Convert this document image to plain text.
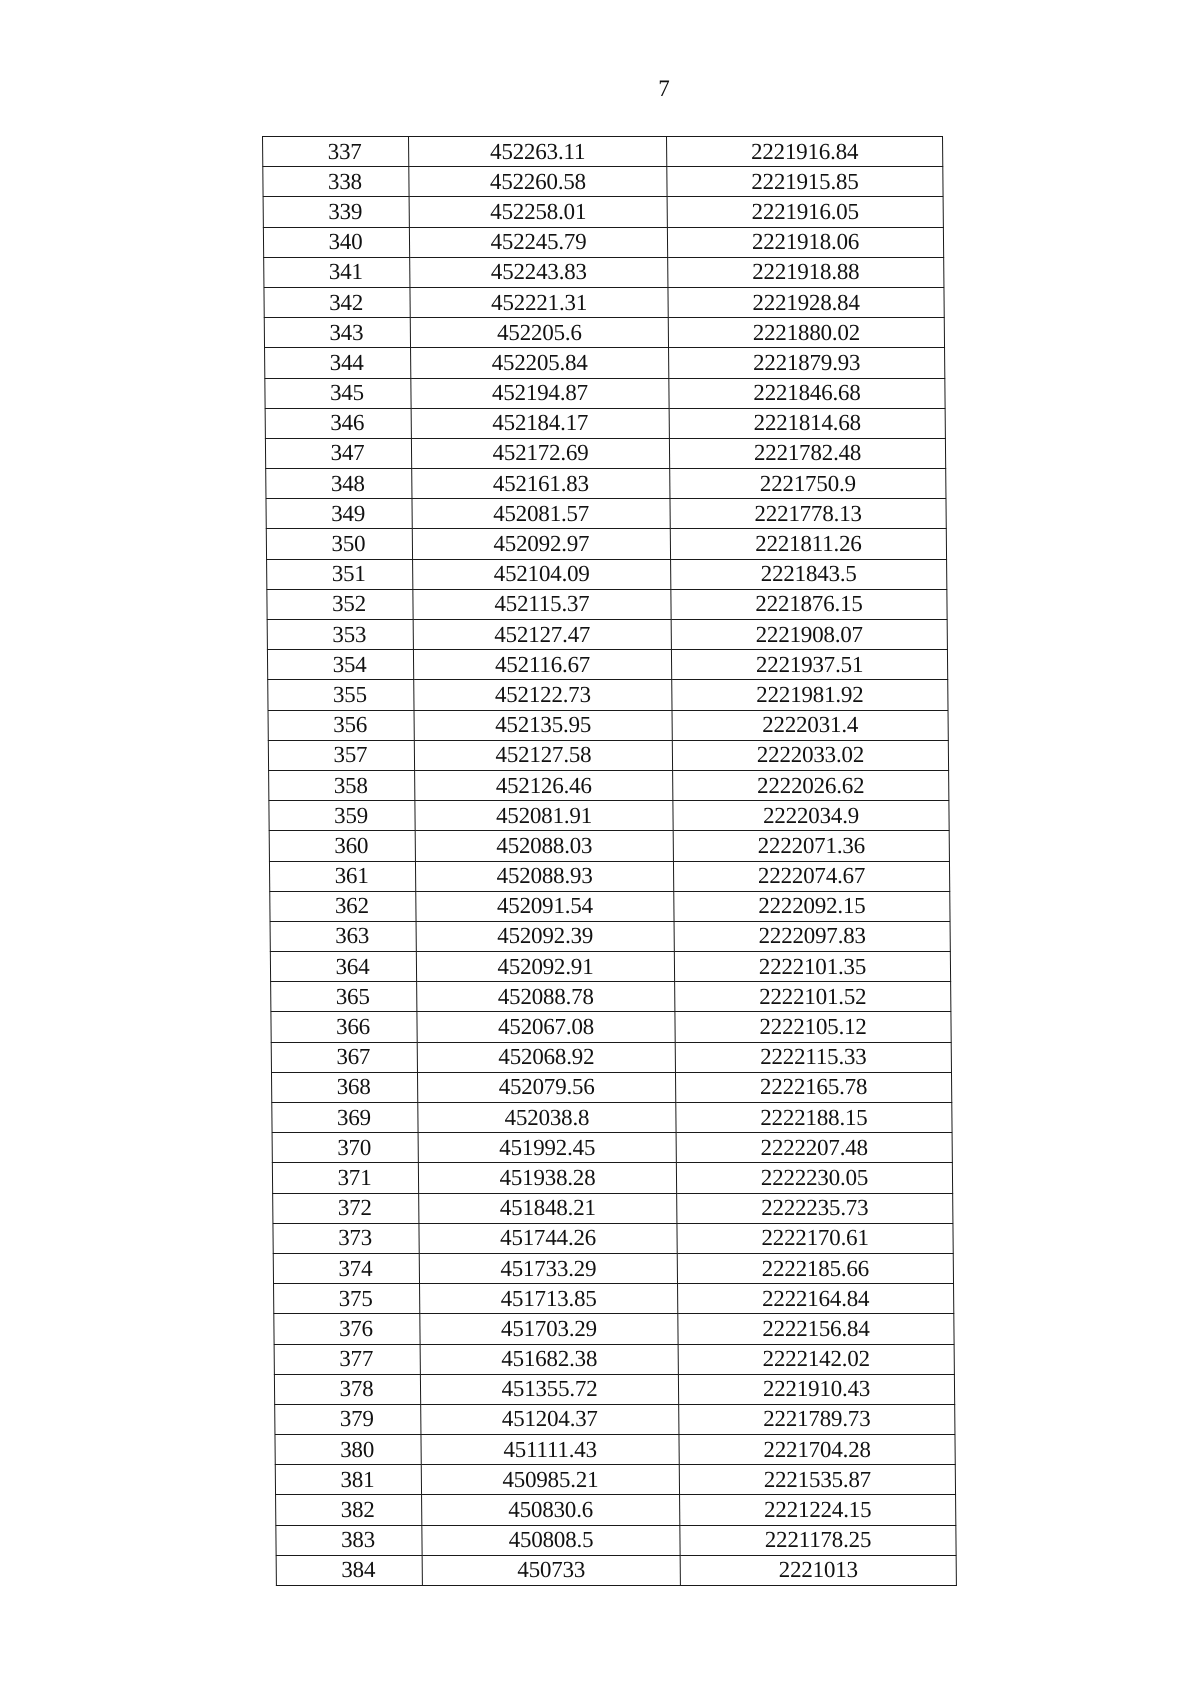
7
337	452263.11	2221916.84
338	452260.58	2221915.85
339	452258.01	2221916.05
340	452245.79	2221918.06
341	452243.83	2221918.88
342	452221.31	2221928.84
343	452205.6	2221880.02
344	452205.84	2221879.93
345	452194.87	2221846.68
346	452184.17	2221814.68
347	452172.69	2221782.48
348	452161.83	2221750.9
349	452081.57	2221778.13
350	452092.97	2221811.26
351	452104.09	2221843.5
352	452115.37	2221876.15
353	452127.47	2221908.07
354	452116.67	2221937.51
355	452122.73	2221981.92
356	452135.95	2222031.4
357	452127.58	2222033.02
358	452126.46	2222026.62
359	452081.91	2222034.9
360	452088.03	2222071.36
361	452088.93	2222074.67
362	452091.54	2222092.15
363	452092.39	2222097.83
364	452092.91	2222101.35
365	452088.78	2222101.52
366	452067.08	2222105.12
367	452068.92	2222115.33
368	452079.56	2222165.78
369	452038.8	2222188.15
370	451992.45	2222207.48
371	451938.28	2222230.05
372	451848.21	2222235.73
373	451744.26	2222170.61
374	451733.29	2222185.66
375	451713.85	2222164.84
376	451703.29	2222156.84
377	451682.38	2222142.02
378	451355.72	2221910.43
379	451204.37	2221789.73
380	451111.43	2221704.28
381	450985.21	2221535.87
382	450830.6	2221224.15
383	450808.5	2221178.25
384	450733	2221013
